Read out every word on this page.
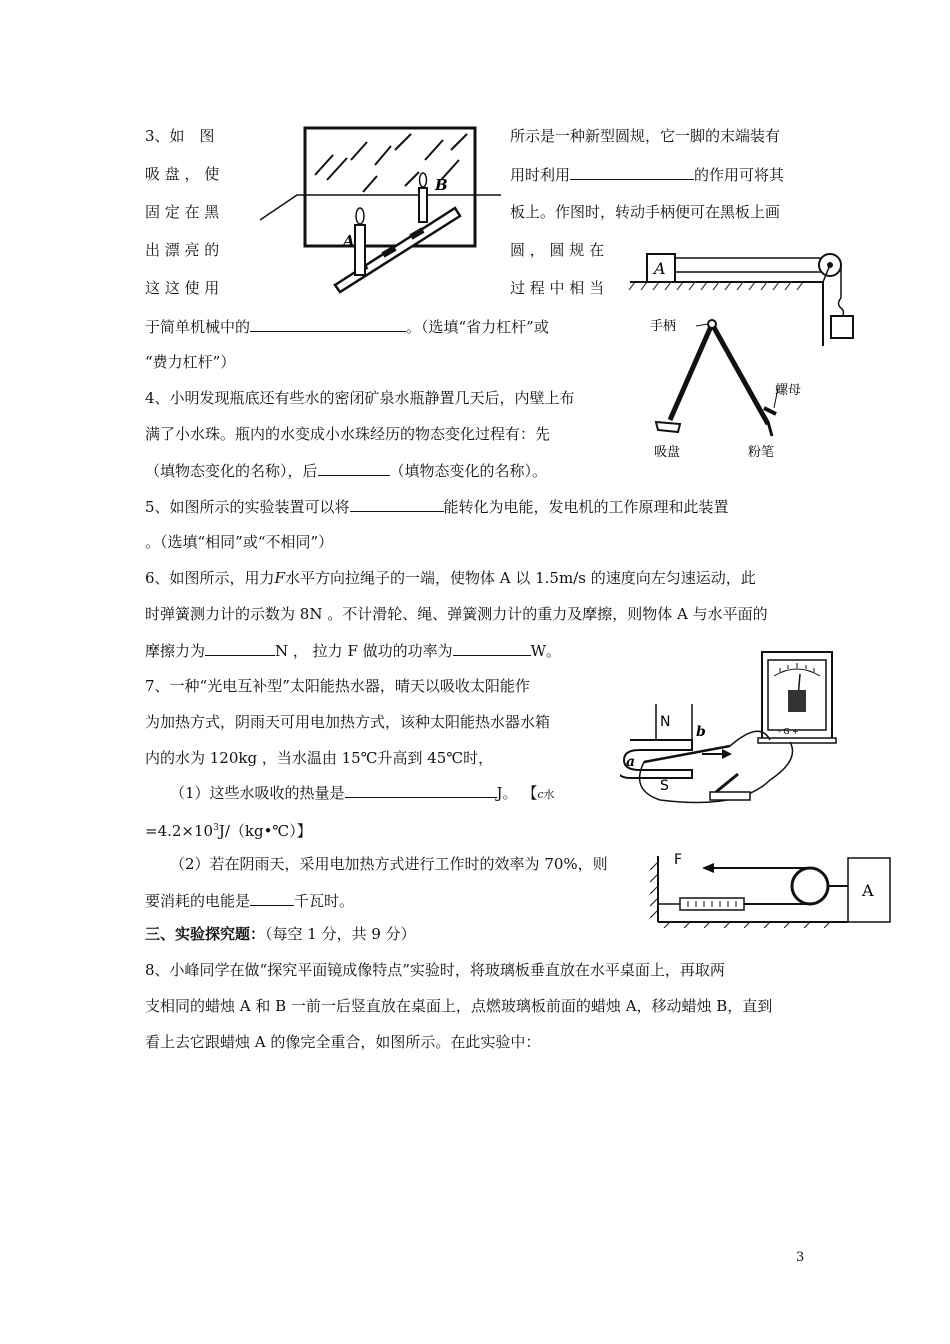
3、如　图	所示是一种新型圆规，它一脚的末端装有
吸 盘 ， 使	用时利用	的作用可将其
固 定 在 黑	板上。作图时，转动手柄便可在黑板上画
出 漂 亮 的	圆 ， 圆 规 在
这 这 使 用	过 程 中 相 当
于简单机械中的	。（选填“省力杠杆”或
“费力杠杆”）
4、小明发现瓶底还有些水的密闭矿泉水瓶静置几天后，内壁上布
满了小水珠。瓶内的水变成小水珠经历的物态变化过程有：先
（填物态变化的名称），后	（填物态变化的名称）。
5、如图所示的实验装置可以将	能转化为电能，发电机的工作原理和此装置
。（选填“相同”或“不相同”）
6、如图所示，用力F水平方向拉绳子的一端，使物体 A 以 1.5m/s 的速度向左匀速运动，此
时弹簧测力计的示数为 8N 。不计滑轮、绳、弹簧测力计的重力及摩擦，则物体 A 与水平面的
摩擦力为	N ， 拉力 F 做功的功率为	W。
7、一种“光电互补型”太阳能热水器，晴天以吸收太阳能作
为加热方式，阴雨天可用电加热方式，该种太阳能热水器水箱
内的水为 120kg ，当水温由 15℃升高到 45℃时，
（1）这些水吸收的热量是	J。 【c水
$=4.2\times 10^3J/(kg•℃)$】
（2）若在阴雨天，采用电加热方式进行工作时的效率为 70%，则
要消耗的电能是	千瓦时。
三、实验探究题：（每空 1 分，共 9 分）
8、小峰同学在做“探究平面镜成像特点”实验时，将玻璃板垂直放在水平桌面上，再取两
支相同的蜡烛 A 和 B 一前一后竖直放在桌面上，点燃玻璃板前面的蜡烛 A，移动蜡烛 B，直到
看上去它跟蜡烛 A 的像完全重合，如图所示。在此实验中：
3
A
B
A
手柄
螺母
吸盘	粉笔
- G +
N
S
a
b
F
A
